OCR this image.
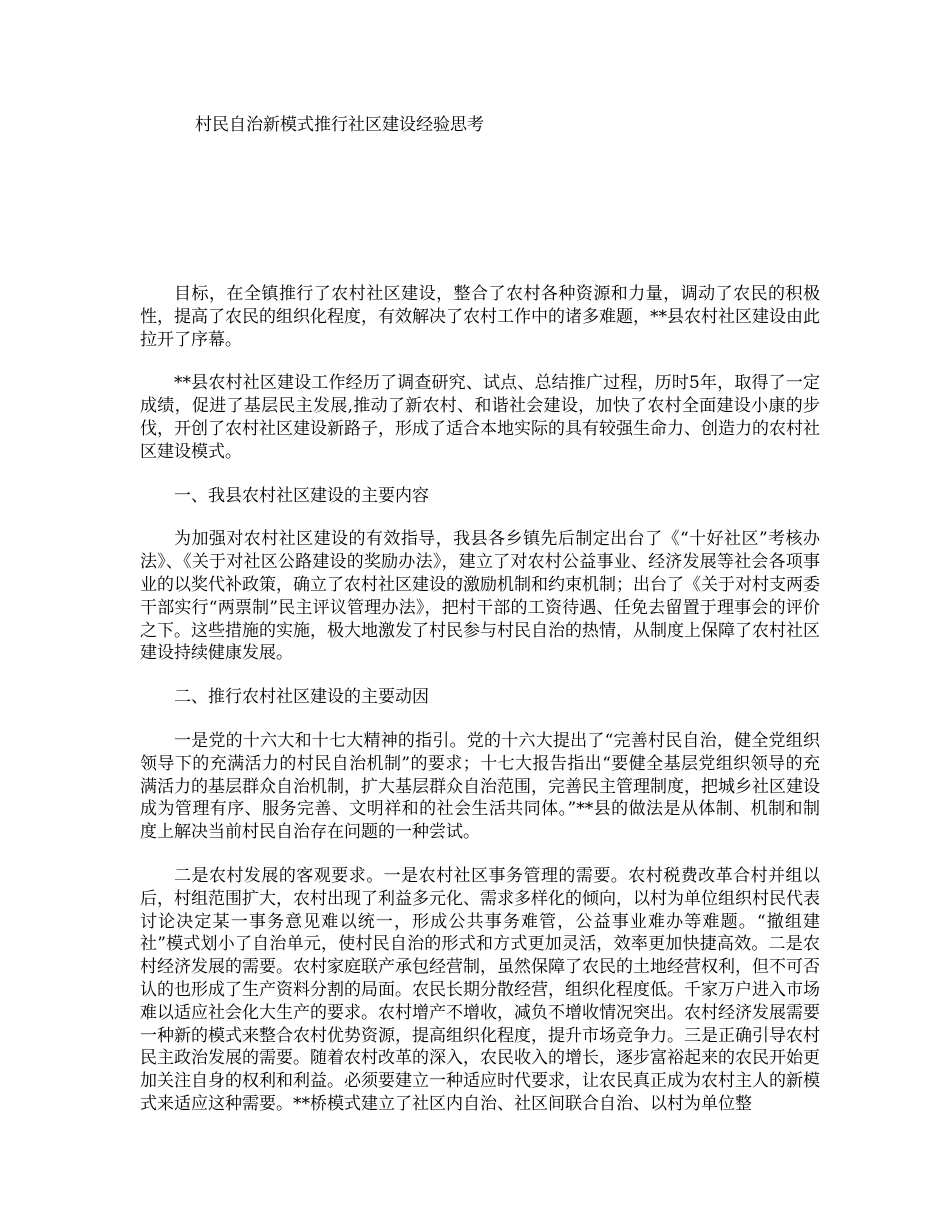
村民自治新模式推行社区建设经验思考

目标，在全镇推行了农村社区建设，整合了农村各种资源和力量，调动了农民的积极性，提高了农民的组织化程度，有效解决了农村工作中的诸多难题，**县农村社区建设由此拉开了序幕。

**县农村社区建设工作经历了调查研究、试点、总结推广过程，历时5年，取得了一定成绩，促进了基层民主发展,推动了新农村、和谐社会建设，加快了农村全面建设小康的步伐，开创了农村社区建设新路子，形成了适合本地实际的具有较强生命力、创造力的农村社区建设模式。

一、我县农村社区建设的主要内容

为加强对农村社区建设的有效指导，我县各乡镇先后制定出台了《“十好社区”考核办法》、《关于对社区公路建设的奖励办法》，建立了对农村公益事业、经济发展等社会各项事业的以奖代补政策，确立了农村社区建设的激励机制和约束机制；出台了《关于对村支两委干部实行“两票制”民主评议管理办法》，把村干部的工资待遇、任免去留置于理事会的评价之下。这些措施的实施，极大地激发了村民参与村民自治的热情，从制度上保障了农村社区建设持续健康发展。

二、推行农村社区建设的主要动因

一是党的十六大和十七大精神的指引。党的十六大提出了“完善村民自治，健全党组织领导下的充满活力的村民自治机制”的要求；十七大报告指出“要健全基层党组织领导的充满活力的基层群众自治机制，扩大基层群众自治范围，完善民主管理制度，把城乡社区建设成为管理有序、服务完善、文明祥和的社会生活共同体。”**县的做法是从体制、机制和制度上解决当前村民自治存在问题的一种尝试。

二是农村发展的客观要求。一是农村社区事务管理的需要。农村税费改革合村并组以后，村组范围扩大，农村出现了利益多元化、需求多样化的倾向，以村为单位组织村民代表讨论决定某一事务意见难以统一，形成公共事务难管，公益事业难办等难题。“撤组建社”模式划小了自治单元，使村民自治的形式和方式更加灵活，效率更加快捷高效。二是农村经济发展的需要。农村家庭联产承包经营制，虽然保障了农民的土地经营权利，但不可否认的也形成了生产资料分割的局面。农民长期分散经营，组织化程度低。千家万户进入市场难以适应社会化大生产的要求。农村增产不增收，减负不增收情况突出。农村经济发展需要一种新的模式来整合农村优势资源，提高组织化程度，提升市场竞争力。三是正确引导农村民主政治发展的需要。随着农村改革的深入，农民收入的增长，逐步富裕起来的农民开始更加关注自身的权利和利益。必须要建立一种适应时代要求，让农民真正成为农村主人的新模式来适应这种需要。**桥模式建立了社区内自治、社区间联合自治、以村为单位整
